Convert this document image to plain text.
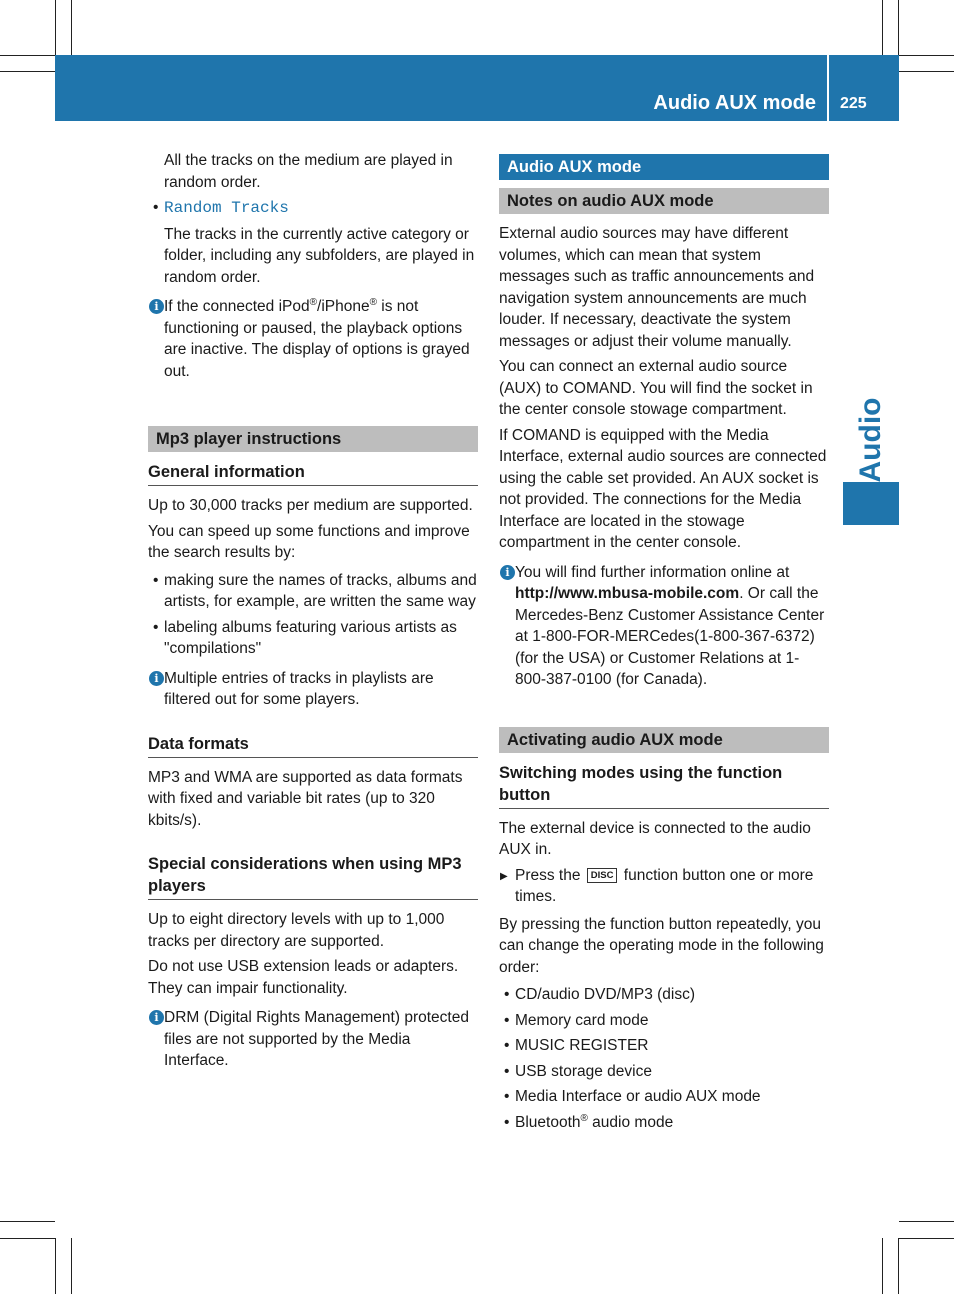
Audio AUX mode 225
Audio

All the tracks on the medium are played in random order.

• Random Tracks

The tracks in the currently active category or folder, including any subfolders, are played in random order.

i If the connected iPod®/iPhone® is not functioning or paused, the playback options are inactive. The display of options is grayed out.
Mp3 player instructions
General information

Up to 30,000 tracks per medium are supported.

You can speed up some functions and improve the search results by:

• making sure the names of tracks, albums and artists, for example, are written the same way
• labeling albums featuring various artists as "compilations"
i Multiple entries of tracks in playlists are filtered out for some players.
Data formats

MP3 and WMA are supported as data formats with fixed and variable bit rates (up to 320 kbits/s).

Special considerations when using MP3 players

Up to eight directory levels with up to 1,000 tracks per directory are supported.

Do not use USB extension leads or adapters. They can impair functionality.

i DRM (Digital Rights Management) protected files are not supported by the Media Interface.
Audio AUX mode
Notes on audio AUX mode

External audio sources may have different volumes, which can mean that system messages such as traffic announcements and navigation system announcements are much louder. If necessary, deactivate the system messages or adjust their volume manually.

You can connect an external audio source (AUX) to COMAND. You will find the socket in the center console stowage compartment.

If COMAND is equipped with the Media Interface, external audio sources are connected using the cable set provided. An AUX socket is not provided. The connections for the Media Interface are located in the stowage compartment in the center console.

i You will find further information online at http://www.mbusa-mobile.com. Or call the Mercedes-Benz Customer Assistance Center at 1-800-FOR-MERCedes(1-800-367-6372) (for the USA) or Customer Relations at 1-800-387-0100 (for Canada).
Activating audio AUX mode
Switching modes using the function button

The external device is connected to the audio AUX in.

▶ Press the DISC function button one or more times.

By pressing the function button repeatedly, you can change the operating mode in the following order:

• CD/audio DVD/MP3 (disc)
• Memory card mode
• MUSIC REGISTER
• USB storage device
• Media Interface or audio AUX mode
• Bluetooth® audio mode
